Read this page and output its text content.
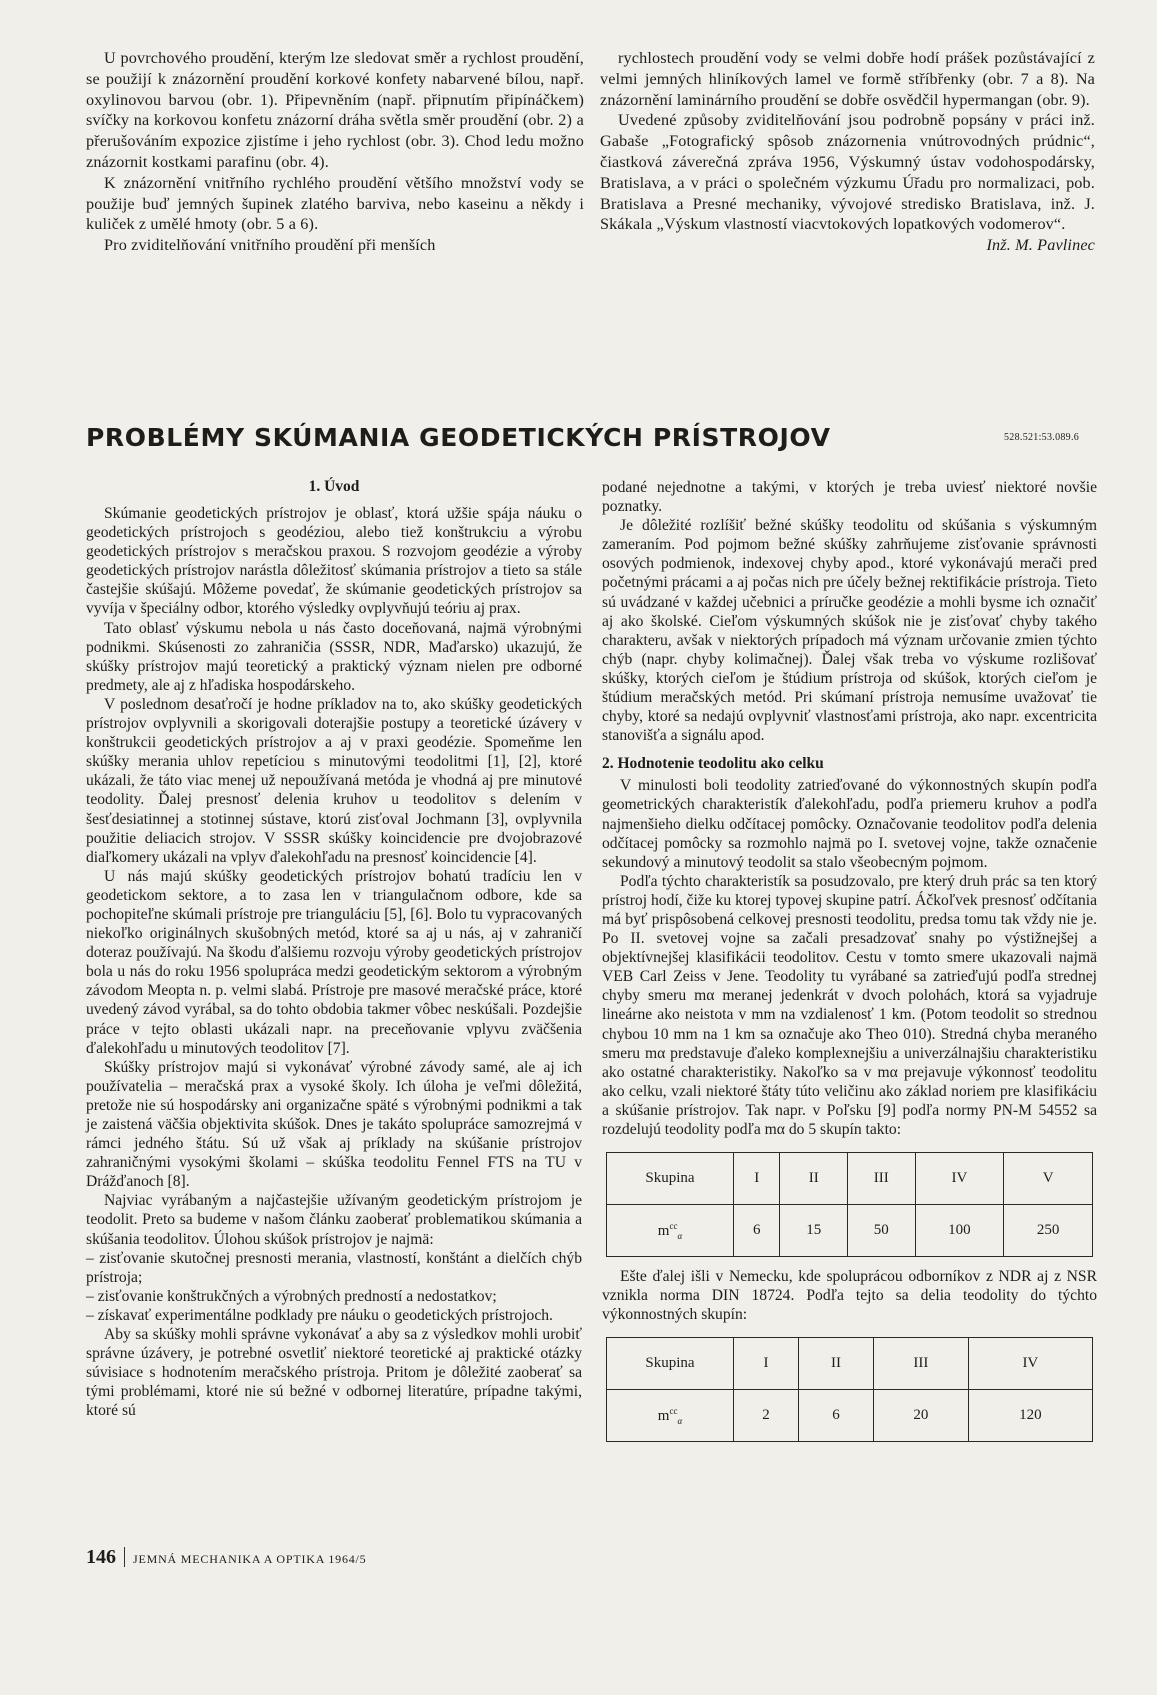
U povrchového proudění, kterým lze sledovat směr a rychlost proudění, se použijí k znázornění proudění korkové konfety nabarvené bílou, např. oxylinovou barvou (obr. 1). Připevněním (např. připnutím připínáčkem) svíčky na korkovou konfetu znázorní dráha světla směr proudění (obr. 2) a přerušováním expozice zjistíme i jeho rychlost (obr. 3). Chod ledu možno znázornit kostkami parafinu (obr. 4).

K znázornění vnitřního rychlého proudění většího množství vody se použije buď jemných šupinek zlatého barviva, nebo kaseinu a někdy i kuliček z umělé hmoty (obr. 5 a 6).

Pro zviditelňování vnitřního proudění při menších

rychlostech proudění vody se velmi dobře hodí prášek pozůstávající z velmi jemných hliníkových lamel ve formě stříbřenky (obr. 7 a 8). Na znázornění laminárního proudění se dobře osvědčil hypermangan (obr. 9).

Uvedené způsoby zviditelňování jsou podrobně popsány v práci inž. Gabaše „Fotografický spôsob znázornenia vnútrovodných prúdnic“, čiastková záverečná zpráva 1956, Výskumný ústav vodohospodársky, Bratislava, a v práci o společném výzkumu Úřadu pro normalizaci, pob. Bratislava a Presné mechaniky, vývojové stredisko Bratislava, inž. J. Skákala „Výskum vlastností viacvtokových lopatkových vodomerov“.

Inž. M. Pavlinec

PROBLÉMY SKÚMANIA GEODETICKÝCH PRÍSTROJOV	528.521:53.089.6
1. Úvod

Skúmanie geodetických prístrojov je oblasť, ktorá užšie spája náuku o geodetických prístrojoch s geodéziou, alebo tiež konštrukciu a výrobu geodetických prístrojov s meračskou praxou. S rozvojom geodézie a výroby geodetických prístrojov narástla dôležitosť skúmania prístrojov a tieto sa stále častejšie skúšajú. Môžeme povedať, že skúmanie geodetických prístrojov sa vyvíja v špeciálny odbor, ktorého výsledky ovplyvňujú teóriu aj prax.

Tato oblasť výskumu nebola u nás často doceňovaná, najmä výrobnými podnikmi. Skúsenosti zo zahraničia (SSSR, NDR, Maďarsko) ukazujú, že skúšky prístrojov majú teoretický a praktický význam nielen pre odborné predmety, ale aj z hľadiska hospodárskeho.

V poslednom desaťročí je hodne príkladov na to, ako skúšky geodetických prístrojov ovplyvnili a skorigovali doterajšie postupy a teoretické úzávery v konštrukcii geodetických prístrojov a aj v praxi geodézie. Spomeňme len skúšky merania uhlov repetíciou s minutovými teodolitmi [1], [2], ktoré ukázali, že táto viac menej už nepoužívaná metóda je vhodná aj pre minutové teodolity. Ďalej presnosť delenia kruhov u teodolitov s delením v šesťdesiatinnej a stotinnej sústave, ktorú zisťoval Jochmann [3], ovplyvnila použitie deliacich strojov. V SSSR skúšky koincidencie pre dvojobrazové diaľkomery ukázali na vplyv ďalekohľadu na presnosť koincidencie [4].

U nás majú skúšky geodetických prístrojov bohatú tradíciu len v geodetickom sektore, a to zasa len v triangulačnom odbore, kde sa pochopiteľne skúmali prístroje pre trianguláciu [5], [6]. Bolo tu vypracovaných niekoľko originálnych skušobných metód, ktoré sa aj u nás, aj v zahraničí doteraz používajú. Na škodu ďalšiemu rozvoju výroby geodetických prístrojov bola u nás do roku 1956 spolupráca medzi geodetickým sektorom a výrobným závodom Meopta n. p. velmi slabá. Prístroje pre masové meračské práce, ktoré uvedený závod vyrábal, sa do tohto obdobia takmer vôbec neskúšali. Pozdejšie práce v tejto oblasti ukázali napr. na preceňovanie vplyvu zväčšenia ďalekohľadu u minutových teodolitov [7].

Skúšky prístrojov majú si vykonávať výrobné závody samé, ale aj ich používatelia – meračská prax a vysoké školy. Ich úloha je veľmi dôležitá, pretože nie sú hospodársky ani organizačne späté s výrobnými podnikmi a tak je zaistená väčšia objektivita skúšok. Dnes je takáto spolupráce samozrejmá v rámci jedného štátu. Sú už však aj príklady na skúšanie prístrojov zahraničnými vysokými školami – skúška teodolitu Fennel FTS na TU v Drážďanoch [8].

Najviac vyrábaným a najčastejšie užívaným geodetickým prístrojom je teodolit. Preto sa budeme v našom článku zaoberať problematikou skúmania a skúšania teodolitov. Úlohou skúšok prístrojov je najmä:

– zisťovanie skutočnej presnosti merania, vlastností, konštánt a dielčích chýb prístroja;

– zisťovanie konštrukčných a výrobných predností a nedostatkov;

– získavať experimentálne podklady pre náuku o geodetických prístrojoch.

Aby sa skúšky mohli správne vykonávať a aby sa z výsledkov mohli urobiť správne úzávery, je potrebné osvetliť niektoré teoretické aj praktické otázky súvisiace s hodnotením meračského prístroja. Pritom je dôležité zaoberať sa tými problémami, ktoré nie sú bežné v odbornej literatúre, prípadne takými, ktoré sú

podané nejednotne a takými, v ktorých je treba uviesť niektoré novšie poznatky.

Je dôležité rozlíšiť bežné skúšky teodolitu od skúšania s výskumným zameraním. Pod pojmom bežné skúšky zahrňujeme zisťovanie správnosti osových podmienok, indexovej chyby apod., ktoré vykonávajú merači pred početnými prácami a aj počas nich pre účely bežnej rektifikácie prístroja. Tieto sú uvádzané v každej učebnici a príručke geodézie a mohli bysme ich označiť aj ako školské. Cieľom výskumných skúšok nie je zisťovať chyby takého charakteru, avšak v niektorých prípadoch má význam určovanie zmien týchto chýb (napr. chyby kolimačnej). Ďalej však treba vo výskume rozlišovať skúšky, ktorých cieľom je štúdium prístroja od skúšok, ktorých cieľom je štúdium meračských metód. Pri skúmaní prístroja nemusíme uvažovať tie chyby, ktoré sa nedajú ovplyvniť vlastnosťami prístroja, ako napr. excentricita stanovišťa a signálu apod.

2. Hodnotenie teodolitu ako celku

V minulosti boli teodolity zatrieďované do výkonnostných skupín podľa geometrických charakteristík ďalekohľadu, podľa priemeru kruhov a podľa najmenšieho dielku odčítacej pomôcky. Označovanie teodolitov podľa delenia odčítacej pomôcky sa rozmohlo najmä po I. svetovej vojne, takže označenie sekundový a minutový teodolit sa stalo všeobecným pojmom.

Podľa týchto charakteristík sa posudzovalo, pre který druh prác sa ten ktorý prístroj hodí, čiže ku ktorej typovej skupine patrí. Áčkoľvek presnosť odčítania má byť prispôsobená celkovej presnosti teodolitu, predsa tomu tak vždy nie je. Po II. svetovej vojne sa začali presadzovať snahy po výstižnejšej a objektívnejšej klasifikácii teodolitov. Cestu v tomto smere ukazovali najmä VEB Carl Zeiss v Jene. Teodolity tu vyrábané sa zatrieďujú podľa strednej chyby smeru mα meranej jedenkrát v dvoch polohách, ktorá sa vyjadruje lineárne ako neistota v mm na vzdialenosť 1 km. (Potom teodolit so strednou chybou 10 mm na 1 km sa označuje ako Theo 010). Stredná chyba meraného smeru mα predstavuje ďaleko komplexnejšiu a univerzálnajšiu charakteristiku ako ostatné charakteristiky. Nakoľko sa v mα prejavuje výkonnosť teodolitu ako celku, vzali niektoré štáty túto veličinu ako základ noriem pre klasifikáciu a skúšanie prístrojov. Tak napr. v Poľsku [9] podľa normy PN-M 54552 sa rozdelujú teodolity podľa mα do 5 skupín takto:

Skupina	I	II	III	IV	V
$m^{cc}_\alpha$	6	15	50	100	250

Ešte ďalej išli v Nemecku, kde spoluprácou odborníkov z NDR aj z NSR vznikla norma DIN 18724. Podľa tejto sa delia teodolity do týchto výkonnostných skupín:

Skupina	I	II	III	IV
$m^{cc}_\alpha$	2	6	20	120
146 JEMNÁ MECHANIKA A OPTIKA 1964/5
